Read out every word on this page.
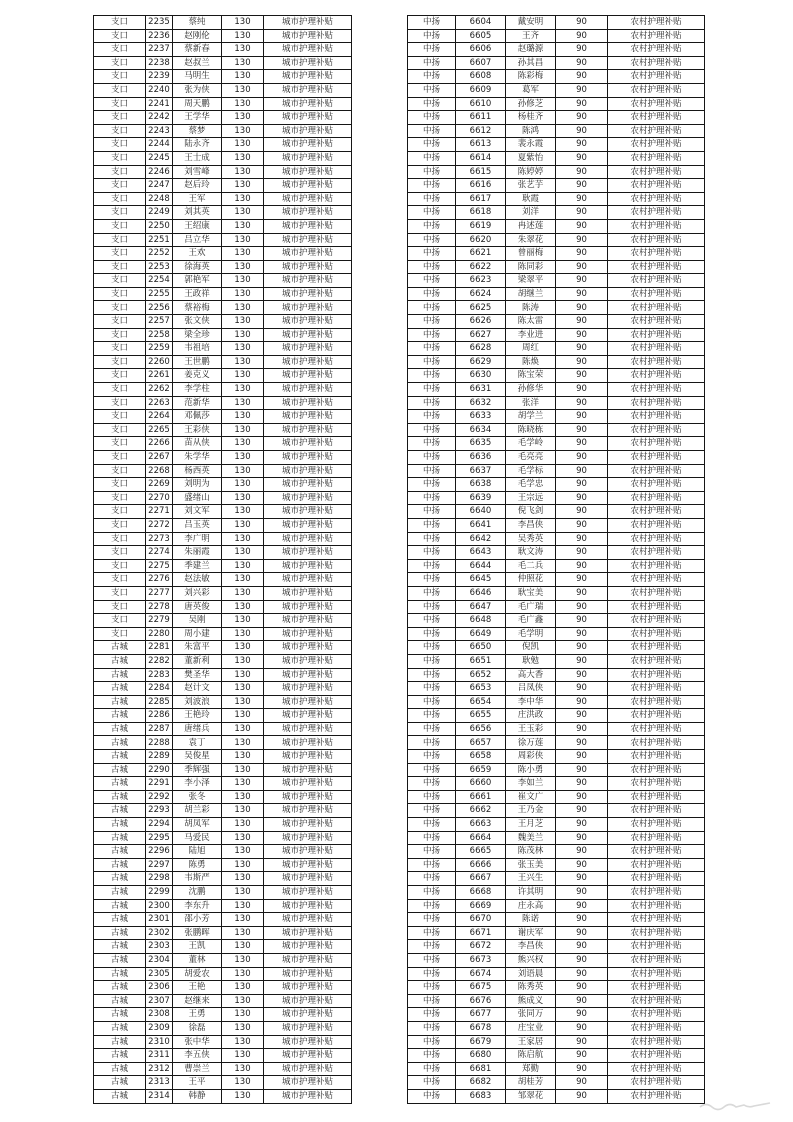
支口	2235	蔡纯	130	城市护理补贴
支口	2236	赵刚伦	130	城市护理补贴
支口	2237	蔡新春	130	城市护理补贴
支口	2238	赵叔兰	130	城市护理补贴
支口	2239	马明生	130	城市护理补贴
支口	2240	张为侠	130	城市护理补贴
支口	2241	周天鹏	130	城市护理补贴
支口	2242	王学华	130	城市护理补贴
支口	2243	蔡梦	130	城市护理补贴
支口	2244	陆永齐	130	城市护理补贴
支口	2245	王士成	130	城市护理补贴
支口	2246	刘雪峰	130	城市护理补贴
支口	2247	赵后玲	130	城市护理补贴
支口	2248	王军	130	城市护理补贴
支口	2249	刘其英	130	城市护理补贴
支口	2250	王绍康	130	城市护理补贴
支口	2251	吕立华	130	城市护理补贴
支口	2252	王欢	130	城市护理补贴
支口	2253	徐海英	130	城市护理补贴
支口	2254	郭艳军	130	城市护理补贴
支口	2255	王政祥	130	城市护理补贴
支口	2256	蔡裕梅	130	城市护理补贴
支口	2257	张文侠	130	城市护理补贴
支口	2258	梁全珍	130	城市护理补贴
支口	2259	韦祖培	130	城市护理补贴
支口	2260	王世鹏	130	城市护理补贴
支口	2261	姜克义	130	城市护理补贴
支口	2262	李学柱	130	城市护理补贴
支口	2263	范新华	130	城市护理补贴
支口	2264	邓佩莎	130	城市护理补贴
支口	2265	王彩侠	130	城市护理补贴
支口	2266	苗从侠	130	城市护理补贴
支口	2267	朱学华	130	城市护理补贴
支口	2268	杨西英	130	城市护理补贴
支口	2269	刘明为	130	城市护理补贴
支口	2270	盛绪山	130	城市护理补贴
支口	2271	刘文军	130	城市护理补贴
支口	2272	吕玉英	130	城市护理补贴
支口	2273	李广明	130	城市护理补贴
支口	2274	朱丽霞	130	城市护理补贴
支口	2275	季建兰	130	城市护理补贴
支口	2276	赵法敏	130	城市护理补贴
支口	2277	刘兴彩	130	城市护理补贴
支口	2278	唐英俊	130	城市护理补贴
支口	2279	吴刚	130	城市护理补贴
支口	2280	周小建	130	城市护理补贴
古城	2281	朱富平	130	城市护理补贴
古城	2282	董新利	130	城市护理补贴
古城	2283	樊圣华	130	城市护理补贴
古城	2284	赵计文	130	城市护理补贴
古城	2285	刘波浪	130	城市护理补贴
古城	2286	王艳玲	130	城市护理补贴
古城	2287	唐绪兵	130	城市护理补贴
古城	2288	袁丁	130	城市护理补贴
古城	2289	吴俊星	130	城市护理补贴
古城	2290	季辉强	130	城市护理补贴
古城	2291	李小泽	130	城市护理补贴
古城	2292	张冬	130	城市护理补贴
古城	2293	胡兰彩	130	城市护理补贴
古城	2294	胡凤军	130	城市护理补贴
古城	2295	马爱民	130	城市护理补贴
古城	2296	陆旭	130	城市护理补贴
古城	2297	陈勇	130	城市护理补贴
古城	2298	韦斯严	130	城市护理补贴
古城	2299	沈鹏	130	城市护理补贴
古城	2300	李东升	130	城市护理补贴
古城	2301	邵小芳	130	城市护理补贴
古城	2302	张鹏晖	130	城市护理补贴
古城	2303	王凯	130	城市护理补贴
古城	2304	董林	130	城市护理补贴
古城	2305	胡爱农	130	城市护理补贴
古城	2306	王艳	130	城市护理补贴
古城	2307	赵继来	130	城市护理补贴
古城	2308	王勇	130	城市护理补贴
古城	2309	徐磊	130	城市护理补贴
古城	2310	张中华	130	城市护理补贴
古城	2311	李五侠	130	城市护理补贴
古城	2312	曹崇兰	130	城市护理补贴
古城	2313	王平	130	城市护理补贴
古城	2314	韩静	130	城市护理补贴
中扬	6604	戴安明	90	农村护理补贴
中扬	6605	王齐	90	农村护理补贴
中扬	6606	赵璐源	90	农村护理补贴
中扬	6607	孙其昌	90	农村护理补贴
中扬	6608	陈彩梅	90	农村护理补贴
中扬	6609	葛军	90	农村护理补贴
中扬	6610	孙修芝	90	农村护理补贴
中扬	6611	杨桂齐	90	农村护理补贴
中扬	6612	陈鸿	90	农村护理补贴
中扬	6613	裴永霞	90	农村护理补贴
中扬	6614	夏紫怡	90	农村护理补贴
中扬	6615	陈婷婷	90	农村护理补贴
中扬	6616	张艺芋	90	农村护理补贴
中扬	6617	耿霞	90	农村护理补贴
中扬	6618	刘洋	90	农村护理补贴
中扬	6619	冉述莲	90	农村护理补贴
中扬	6620	朱翠花	90	农村护理补贴
中扬	6621	曾丽梅	90	农村护理补贴
中扬	6622	陈同彩	90	农村护理补贴
中扬	6623	梁翠平	90	农村护理补贴
中扬	6624	胡继兰	90	农村护理补贴
中扬	6625	陈涛	90	农村护理补贴
中扬	6626	陈太雷	90	农村护理补贴
中扬	6627	李业进	90	农村护理补贴
中扬	6628	周红	90	农村护理补贴
中扬	6629	陈焕	90	农村护理补贴
中扬	6630	陈宝荣	90	农村护理补贴
中扬	6631	孙修华	90	农村护理补贴
中扬	6632	张洋	90	农村护理补贴
中扬	6633	胡学兰	90	农村护理补贴
中扬	6634	陈晓栋	90	农村护理补贴
中扬	6635	毛学岭	90	农村护理补贴
中扬	6636	毛亮亮	90	农村护理补贴
中扬	6637	毛学标	90	农村护理补贴
中扬	6638	毛学忠	90	农村护理补贴
中扬	6639	王宗远	90	农村护理补贴
中扬	6640	倪飞剑	90	农村护理补贴
中扬	6641	李昌侠	90	农村护理补贴
中扬	6642	吴秀英	90	农村护理补贴
中扬	6643	耿文涛	90	农村护理补贴
中扬	6644	毛二兵	90	农村护理补贴
中扬	6645	仲照花	90	农村护理补贴
中扬	6646	耿宝美	90	农村护理补贴
中扬	6647	毛广瑞	90	农村护理补贴
中扬	6648	毛广鑫	90	农村护理补贴
中扬	6649	毛学明	90	农村护理补贴
中扬	6650	倪凯	90	农村护理补贴
中扬	6651	耿勉	90	农村护理补贴
中扬	6652	高大香	90	农村护理补贴
中扬	6653	吕凤侠	90	农村护理补贴
中扬	6654	李中华	90	农村护理补贴
中扬	6655	庄洪政	90	农村护理补贴
中扬	6656	王玉彩	90	农村护理补贴
中扬	6657	徐万莲	90	农村护理补贴
中扬	6658	周彩侠	90	农村护理补贴
中扬	6659	陈小勇	90	农村护理补贴
中扬	6660	李如兰	90	农村护理补贴
中扬	6661	崔文广	90	农村护理补贴
中扬	6662	王乃金	90	农村护理补贴
中扬	6663	王月芝	90	农村护理补贴
中扬	6664	魏美兰	90	农村护理补贴
中扬	6665	陈茂林	90	农村护理补贴
中扬	6666	张玉美	90	农村护理补贴
中扬	6667	王兴生	90	农村护理补贴
中扬	6668	许其明	90	农村护理补贴
中扬	6669	庄永高	90	农村护理补贴
中扬	6670	陈诺	90	农村护理补贴
中扬	6671	谢庆军	90	农村护理补贴
中扬	6672	李昌侠	90	农村护理补贴
中扬	6673	熊兴权	90	农村护理补贴
中扬	6674	刘语晨	90	农村护理补贴
中扬	6675	陈秀英	90	农村护理补贴
中扬	6676	熊成义	90	农村护理补贴
中扬	6677	张同万	90	农村护理补贴
中扬	6678	庄宝业	90	农村护理补贴
中扬	6679	王家居	90	农村护理补贴
中扬	6680	陈启航	90	农村护理补贴
中扬	6681	郑勤	90	农村护理补贴
中扬	6682	胡桂芳	90	农村护理补贴
中扬	6683	邹翠花	90	农村护理补贴
